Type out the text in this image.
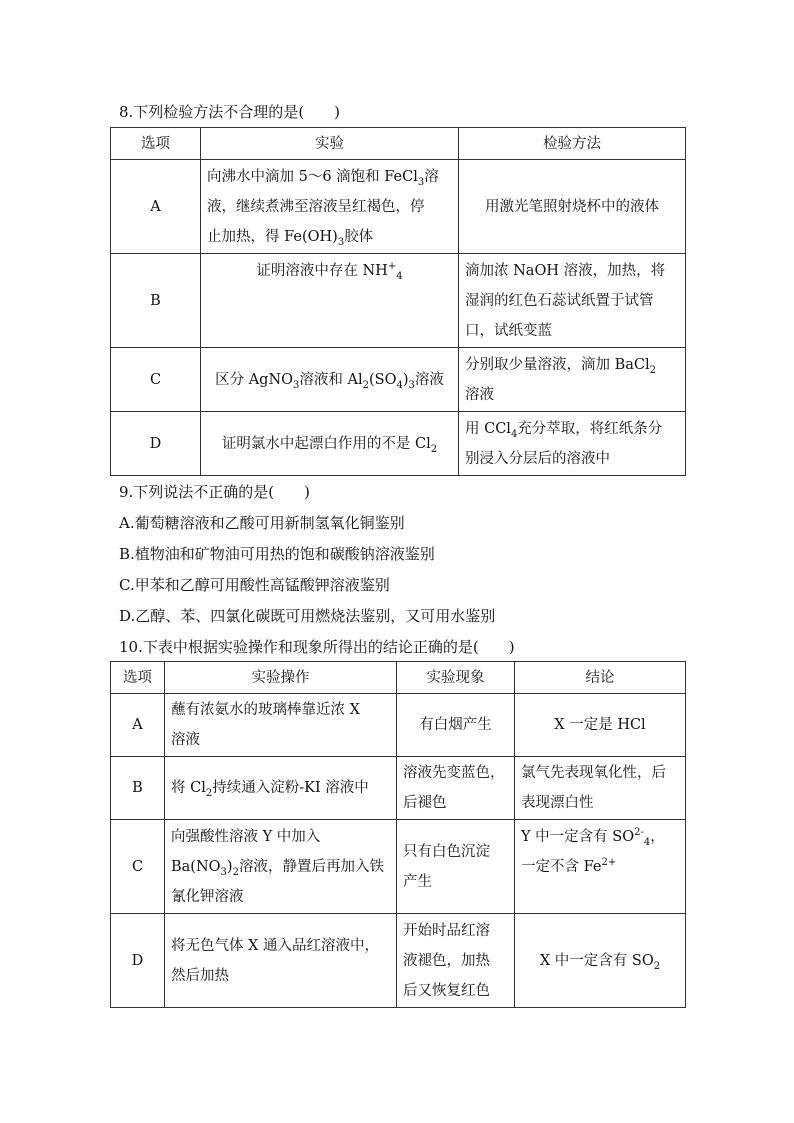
8.下列检验方法不合理的是(　　)
选项	实验	检验方法
A	向沸水中滴加 5～6 滴饱和 FeCl$_3$溶
液，继续煮沸至溶液呈红褐色，停
止加热，得 $Fe(OH)_3$胶体	用激光笔照射烧杯中的液体
B	证明溶液中存在 $NH^+_4$	滴加浓 NaOH 溶液，加热，将
湿润的红色石蕊试纸置于试管
口，试纸变蓝
C	区分 AgNO$_3$溶液和 $Al_2(SO_4)_3$溶液	分别取少量溶液，滴加 BaCl$_2$
溶液
D	证明氯水中起漂白作用的不是 $Cl_2$	用 CCl$_4$充分萃取，将红纸条分
别浸入分层后的溶液中
9.下列说法不正确的是(　　)
A.葡萄糖溶液和乙酸可用新制氢氧化铜鉴别
B.植物油和矿物油可用热的饱和碳酸钠溶液鉴别
C.甲苯和乙醇可用酸性高锰酸钾溶液鉴别
D.乙醇、苯、四氯化碳既可用燃烧法鉴别，又可用水鉴别
10.下表中根据实验操作和现象所得出的结论正确的是(　　)
选项	实验操作	实验现象	结论
A	蘸有浓氨水的玻璃棒靠近浓 X
溶液	有白烟产生	X 一定是 HCl
B	将 $Cl_2$持续通入淀粉-KI 溶液中	溶液先变蓝色，
后褪色	氯气先表现氧化性，后
表现漂白性
C	向强酸性溶液 Y 中加入
$Ba(NO_3)_2$溶液，静置后再加入铁
氰化钾溶液	只有白色沉淀
产生	Y 中一定含有 $SO^{2-}_4$，
一定不含 $Fe^{2+}$
D	将无色气体 X 通入品红溶液中，
然后加热	开始时品红溶
液褪色，加热
后又恢复红色	X 中一定含有 $SO_2$
